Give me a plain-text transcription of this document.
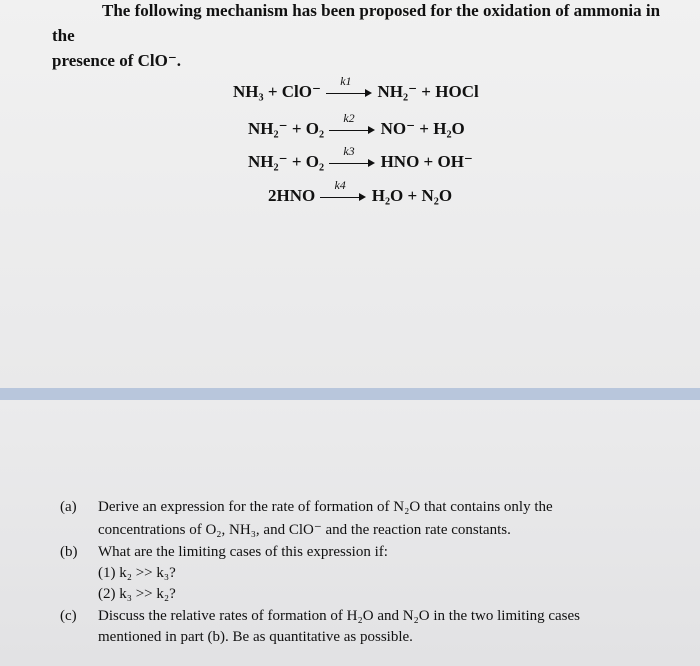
The following mechanism has been proposed for the oxidation of ammonia in the
presence of ClO⁻.
NH₃ + ClO⁻
k1
NH₂⁻ + HOCl
NH₂⁻ + O₂
k2
NO⁻ + H₂O
NH₂⁻ + O₂
k3
HNO + OH⁻
2HNO
k4
H₂O + N₂O
(a) Derive an expression for the rate of formation of N₂O that contains only the
concentrations of O₂, NH₃, and ClO⁻ and the reaction rate constants.
(b) What are the limiting cases of this expression if:
(1) k₂ >> k₃?
(2) k₃ >> k₂?
(c) Discuss the relative rates of formation of H₂O and N₂O in the two limiting cases
mentioned in part (b). Be as quantitative as possible.
